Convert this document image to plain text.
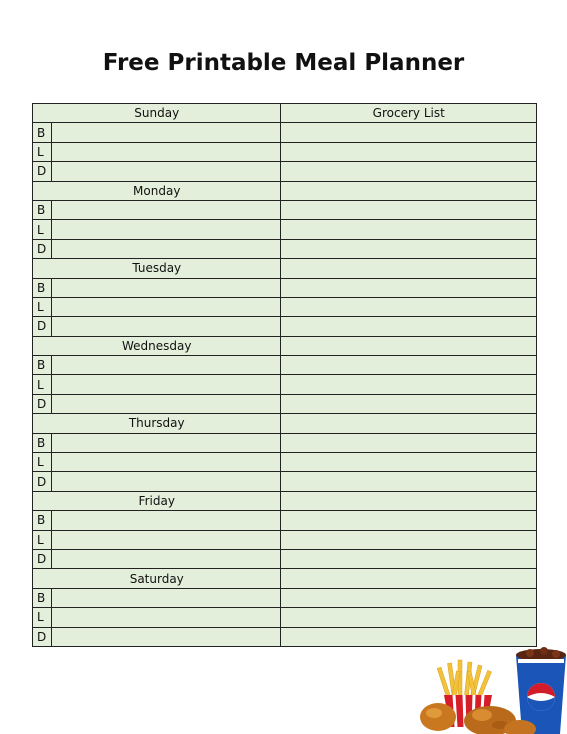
Free Printable Meal Planner
Sunday		Grocery List
B		
L		
D		
Monday		
B		
L		
D		
Tuesday		
B		
L		
D		
Wednesday		
B		
L		
D		
Thursday		
B		
L		
D		
Friday		
B		
L		
D		
Saturday		
B		
L		
D		
